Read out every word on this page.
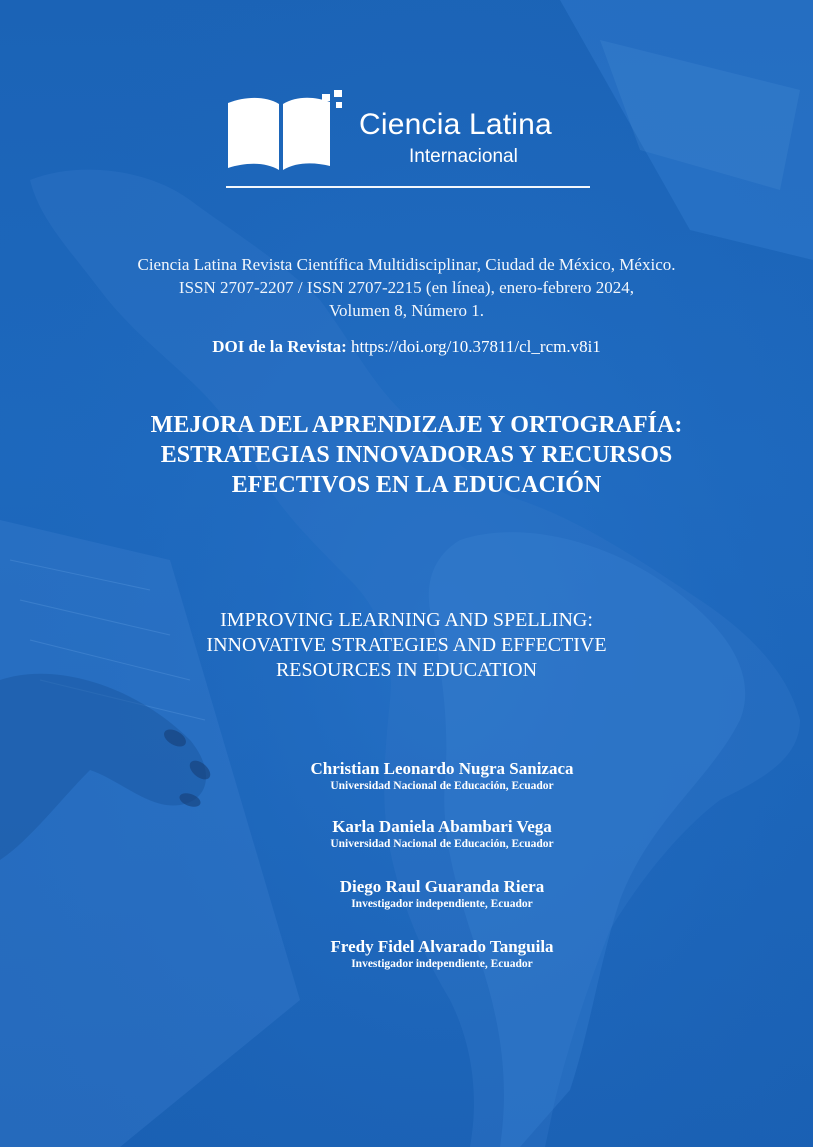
Ciencia Latina
Internacional
Ciencia Latina Revista Científica Multidisciplinar, Ciudad de México, México.
ISSN 2707-2207 / ISSN 2707-2215 (en línea), enero-febrero 2024,
Volumen 8, Número 1.
DOI de la Revista: https://doi.org/10.37811/cl_rcm.v8i1
MEJORA DEL APRENDIZAJE Y ORTOGRAFÍA:
ESTRATEGIAS INNOVADORAS Y RECURSOS
EFECTIVOS EN LA EDUCACIÓN
IMPROVING LEARNING AND SPELLING:
INNOVATIVE STRATEGIES AND EFFECTIVE
RESOURCES IN EDUCATION
Christian Leonardo Nugra Sanizaca
Universidad Nacional de Educación, Ecuador
Karla Daniela Abambari Vega
Universidad Nacional de Educación, Ecuador
Diego Raul Guaranda Riera
Investigador independiente, Ecuador
Fredy Fidel Alvarado Tanguila
Investigador independiente, Ecuador
